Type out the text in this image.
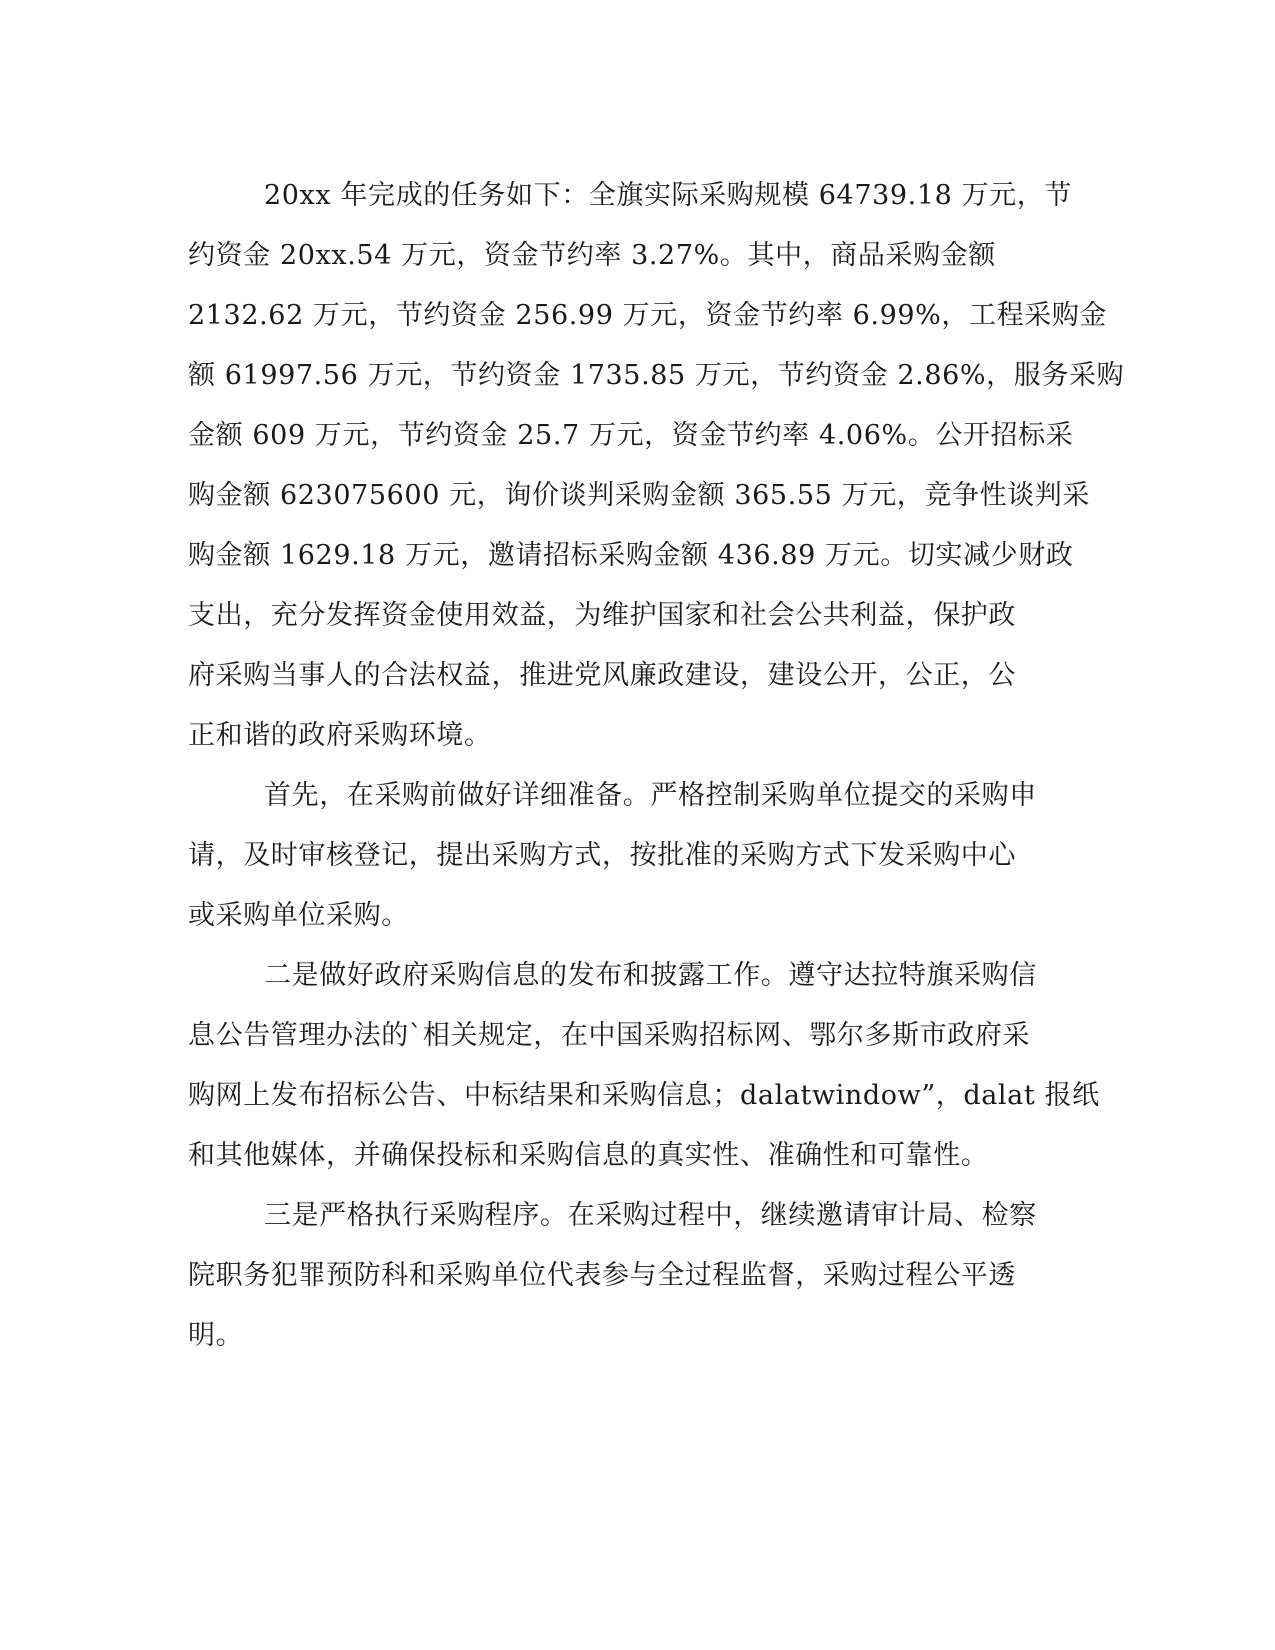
20xx 年完成的任务如下：全旗实际采购规模 64739.18 万元，节
约资金 20xx.54 万元，资金节约率 3.27%。其中，商品采购金额
2132.62 万元，节约资金 256.99 万元，资金节约率 6.99%，工程采购金
额 61997.56 万元，节约资金 1735.85 万元，节约资金 2.86%，服务采购
金额 609 万元，节约资金 25.7 万元，资金节约率 4.06%。公开招标采
购金额 623075600 元，询价谈判采购金额 365.55 万元，竞争性谈判采
购金额 1629.18 万元，邀请招标采购金额 436.89 万元。切实减少财政
支出，充分发挥资金使用效益，为维护国家和社会公共利益，保护政
府采购当事人的合法权益，推进党风廉政建设，建设公开，公正，公
正和谐的政府采购环境。
首先，在采购前做好详细准备。严格控制采购单位提交的采购申
请，及时审核登记，提出采购方式，按批准的采购方式下发采购中心
或采购单位采购。
二是做好政府采购信息的发布和披露工作。遵守达拉特旗采购信
息公告管理办法的`相关规定，在中国采购招标网、鄂尔多斯市政府采
购网上发布招标公告、中标结果和采购信息；dalatwindow”，dalat 报纸
和其他媒体，并确保投标和采购信息的真实性、准确性和可靠性。
三是严格执行采购程序。在采购过程中，继续邀请审计局、检察
院职务犯罪预防科和采购单位代表参与全过程监督，采购过程公平透
明。
